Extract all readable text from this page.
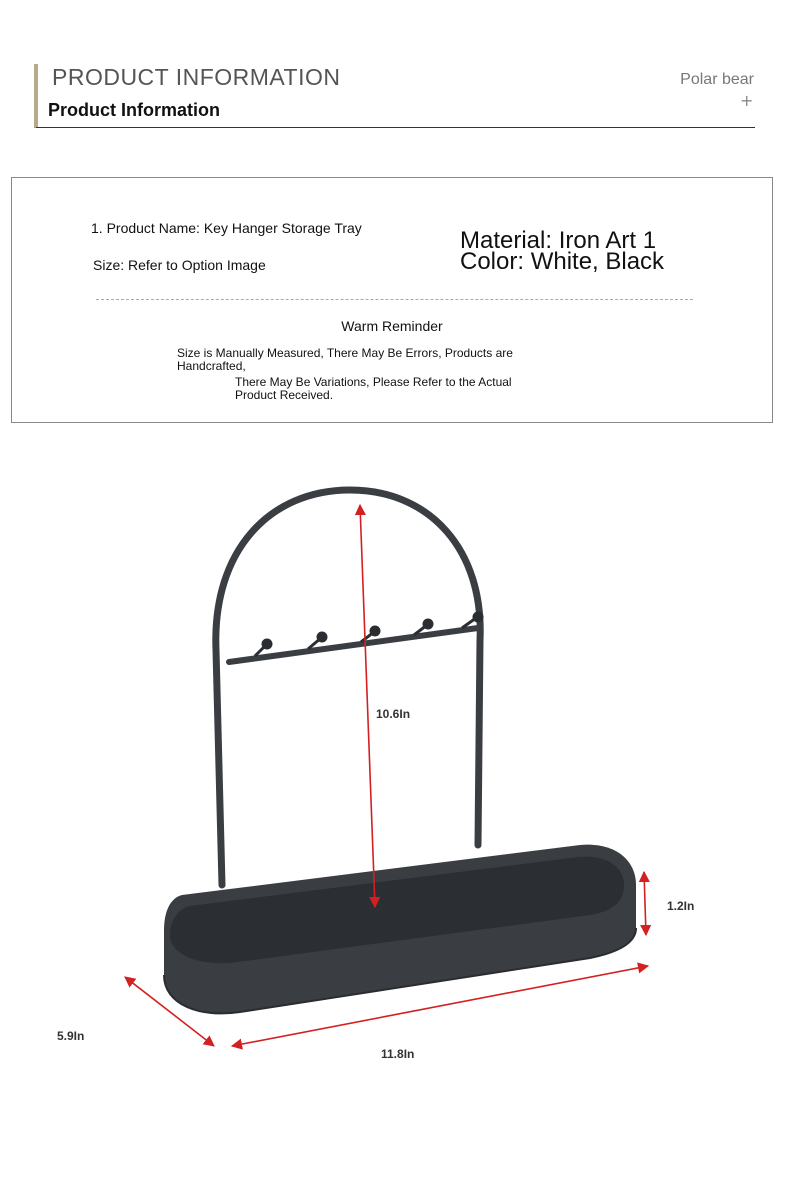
PRODUCT INFORMATION
Product Information
Polar bear
+
1. Product Name: Key Hanger Storage Tray
Size: Refer to Option Image
Material: Iron Art 1
Color: White, Black
Warm Reminder
Size is Manually Measured, There May Be Errors, Products are
Handcrafted,
There May Be Variations, Please Refer to the Actual
Product Received.
10.6In
1.2In
5.9In
11.8In
